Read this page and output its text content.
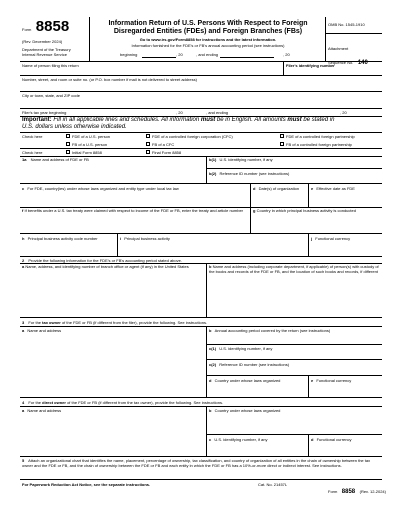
Form 8858
(Rev. December 2024)
Department of the Treasury
Internal Revenue Service
Information Return of U.S. Persons With Respect to Foreign
Disregarded Entities (FDEs) and Foreign Branches (FBs)
Go to www.irs.gov/Form8858 for instructions and the latest information.
Information furnished for the FDE's or FB's annual accounting period (see instructions)
beginning	, 20	, and ending	, 20
OMB No. 1545-1910
Attachment
Sequence No. 140
Name of person filing this return	Filer's identifying number
Number, street, and room or suite no. (or P.O. box number if mail is not delivered to street address)
City or town, state, and ZIP code
Filer's tax year beginning	, 20	, and ending	, 20
Important: Fill in all applicable lines and schedules. All information must be in English. All amounts must be stated in
U.S. dollars unless otherwise indicated.
Check here	FDE of a U.S. person	FDE of a controlled foreign corporation (CFC)	FDE of a controlled foreign partnership
FB of a U.S. person	FB of a CFC	FB of a controlled foreign partnership
Check here	Initial Form 8858	Final Form 8858
1a Name and address of FDE or FB	b(1) U.S. identifying number, if any
b(2) Reference ID number (see instructions)
c For FDE, country(ies) under whose laws organized and entity type under local tax law	d Date(s) of organization	e Effective date as FDE
f If benefits under a U.S. tax treaty were claimed with respect to income of the FDE or FB, enter the treaty and article number	g Country in which principal business activity is conducted
h Principal business activity code number	i Principal business activity	j Functional currency
2 Provide the following information for the FDE's or FB's accounting period stated above.
a Name, address, and identifying number of branch office or agent (if any) in the United States	b Name and address (including corporate department, if applicable) of person(s) with custody of the books and records of the FDE or FB, and the location of such books and records, if different
3 For the tax owner of the FDE or FB (if different from the filer), provide the following. See instructions.
a Name and address	b Annual accounting period covered by the return (see instructions)
c(1) U.S. identifying number, if any
c(2) Reference ID number (see instructions)
d Country under whose laws organized	e Functional currency
4 For the direct owner of the FDE or FB (if different from the tax owner), provide the following. See instructions.
a Name and address	b Country under whose laws organized
c U.S. identifying number, if any	d Functional currency
5 Attach an organizational chart that identifies the name, placement, percentage of ownership, tax classification, and country of organization of all entities in the chain of ownership between the tax owner and the FDE or FB, and the chain of ownership between the FDE or FB and each entity in which the FDE or FB has a 10%-or-more direct or indirect interest. See instructions.
For Paperwork Reduction Act Notice, see the separate instructions.	Cat. No. 21457L
Form 8858 (Rev. 12-2024)
